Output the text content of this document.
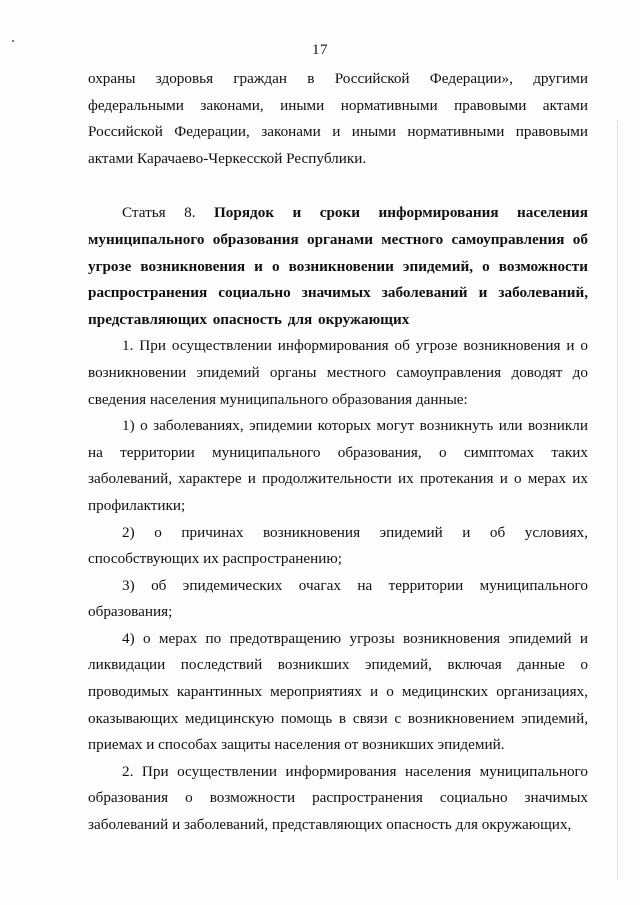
17

охраны здоровья граждан в Российской Федерации», другими федеральными законами, иными нормативными правовыми актами Российской Федерации, законами и иными нормативными правовыми актами Карачаево-Черкесской Республики.

Статья 8. Порядок и сроки информирования населения муниципального образования органами местного самоуправления об угрозе возникновения и о возникновении эпидемий, о возможности распространения социально значимых заболеваний и заболеваний, представляющих опасность для окружающих

1. При осуществлении информирования об угрозе возникновения и о возникновении эпидемий органы местного самоуправления доводят до сведения населения муниципального образования данные:

1) о заболеваниях, эпидемии которых могут возникнуть или возникли на территории муниципального образования, о симптомах таких заболеваний, характере и продолжительности их протекания и о мерах их профилактики;

2) о причинах возникновения эпидемий и об условиях, способствующих их распространению;

3) об эпидемических очагах на территории муниципального образования;

4) о мерах по предотвращению угрозы возникновения эпидемий и ликвидации последствий возникших эпидемий, включая данные о проводимых карантинных мероприятиях и о медицинских организациях, оказывающих медицинскую помощь в связи с возникновением эпидемий, приемах и способах защиты населения от возникших эпидемий.

2. При осуществлении информирования населения муниципального образования о возможности распространения социально значимых заболеваний и заболеваний, представляющих опасность для окружающих,
